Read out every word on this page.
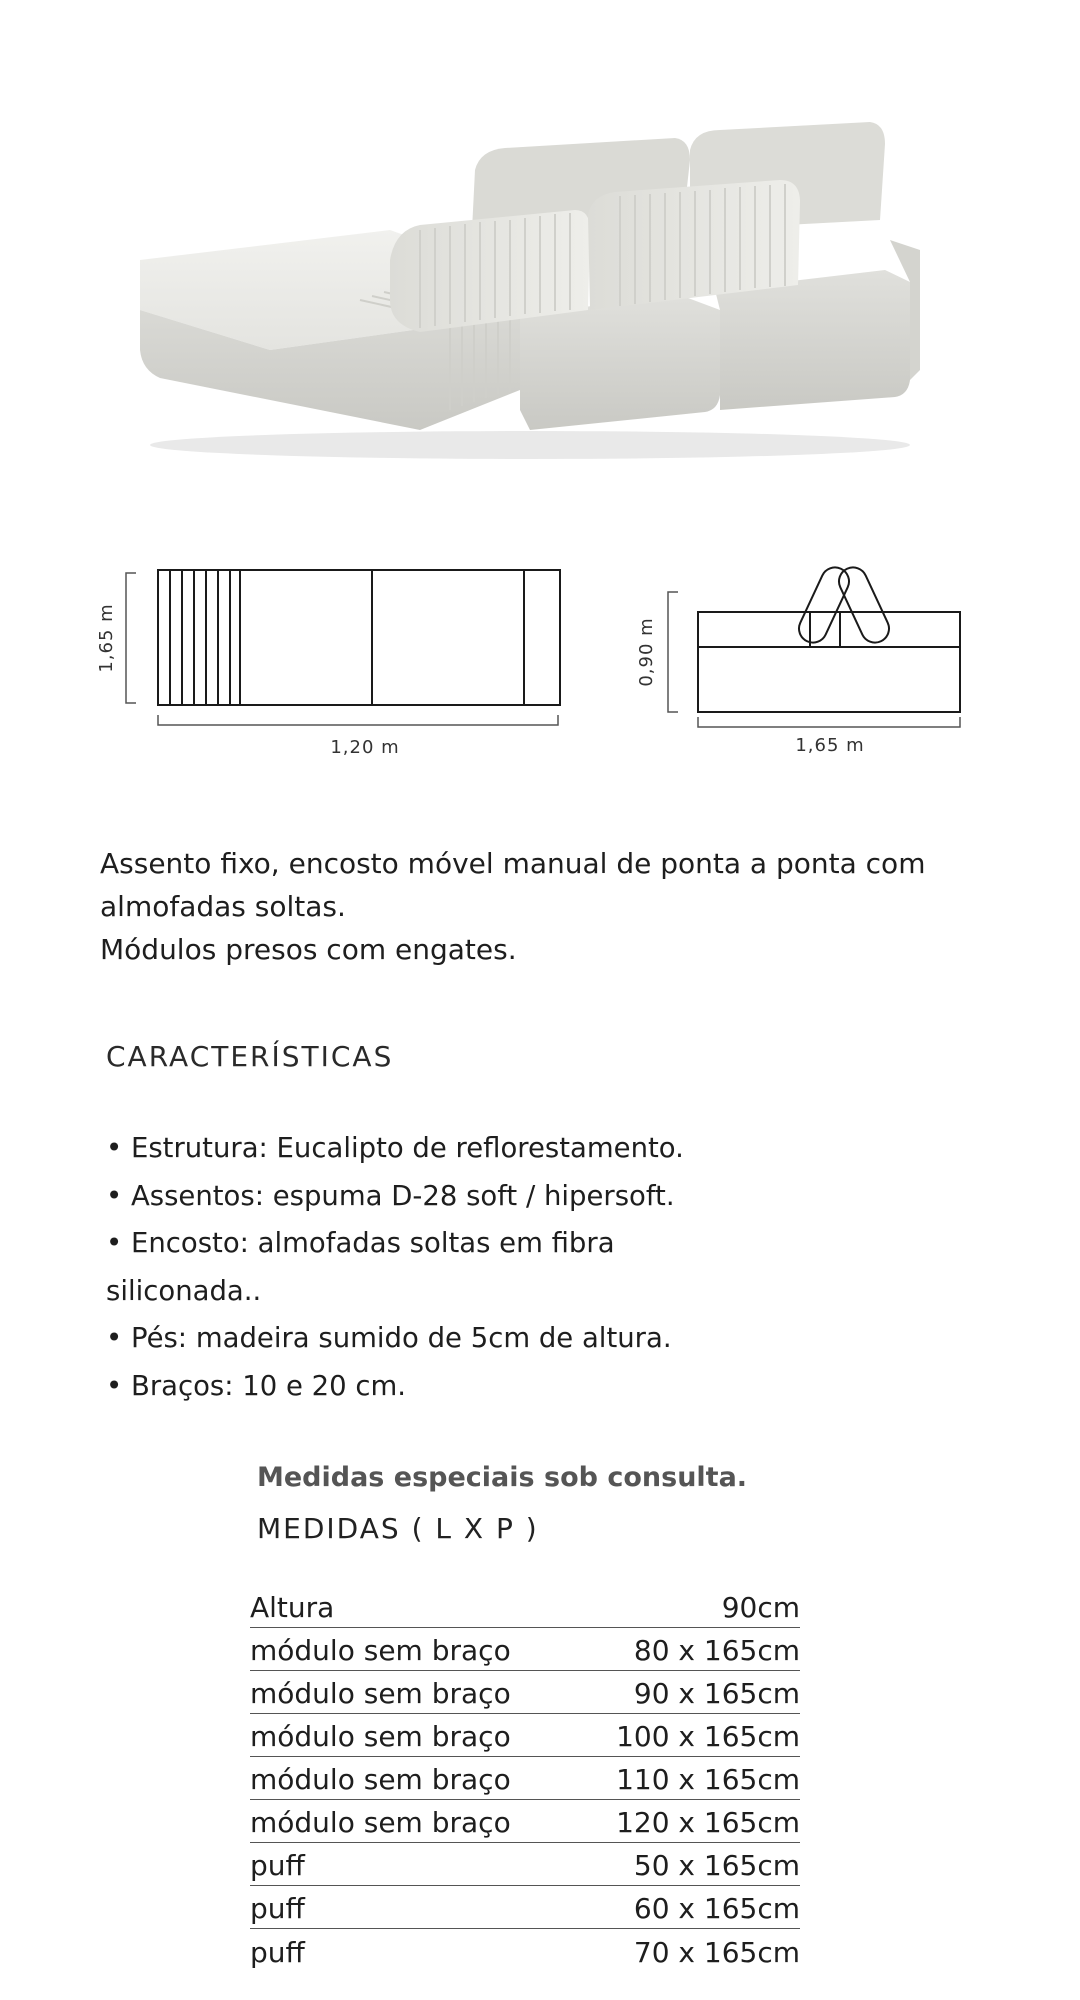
1,65 m
1,20 m
0,90 m
1,65 m

Assento fixo, encosto móvel manual de ponta a ponta com

almofadas soltas.

Módulos presos com engates.

CARACTERÍSTICAS
• Estrutura: Eucalipto de reflorestamento.
• Assentos: espuma D-28 soft / hipersoft.
• Encosto: almofadas soltas em fibra
siliconada..
• Pés: madeira sumido de 5cm de altura.
• Braços: 10 e 20 cm.
Medidas especiais sob consulta.
MEDIDAS ( L X P )
Altura	90cm
módulo sem braço	80 x 165cm
módulo sem braço	90 x 165cm
módulo sem braço	100 x 165cm
módulo sem braço	110 x 165cm
módulo sem braço	120 x 165cm
puff	50 x 165cm
puff	60 x 165cm
puff	70 x 165cm
